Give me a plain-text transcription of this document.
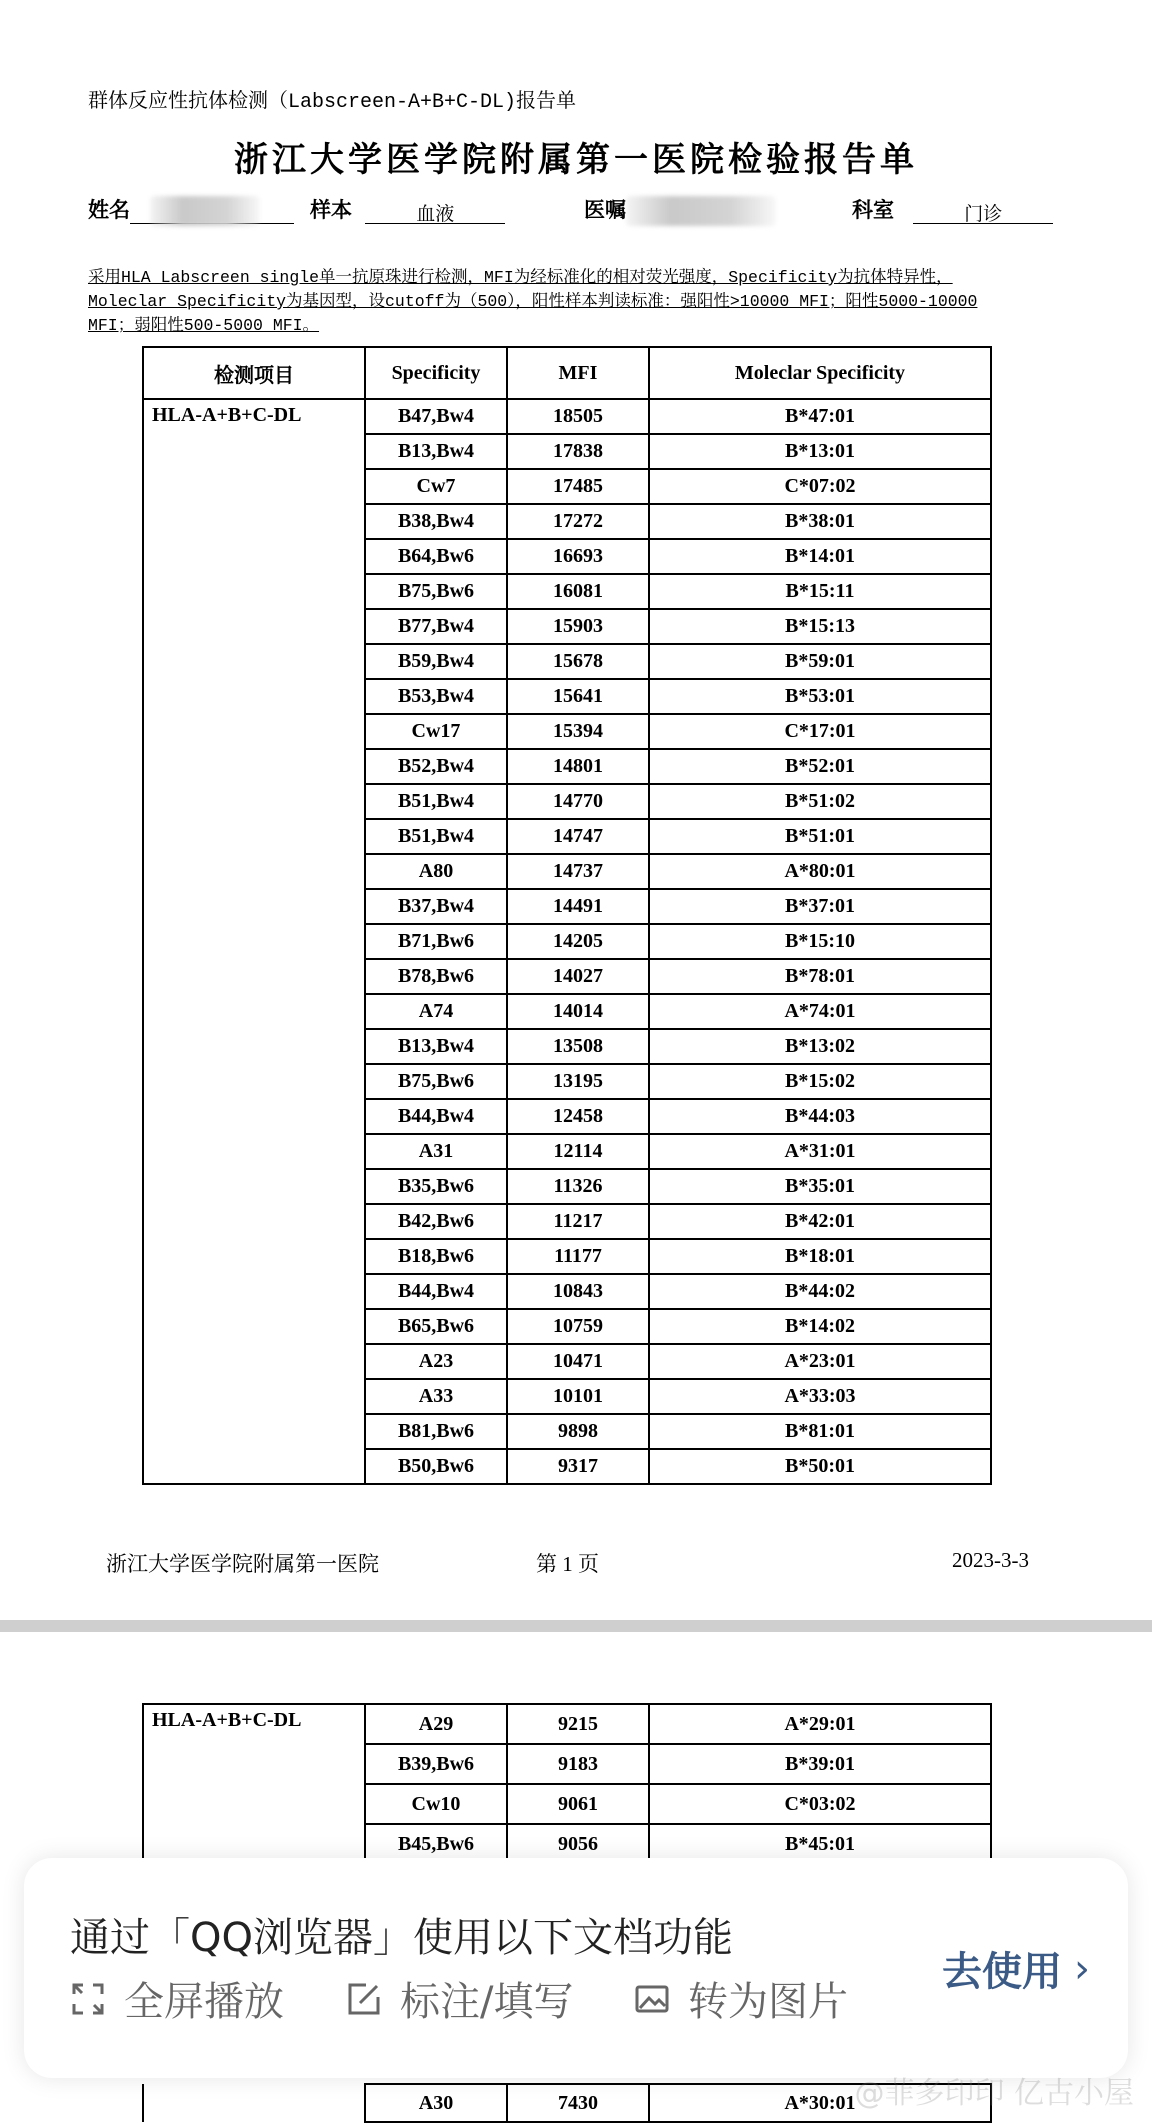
群体反应性抗体检测（Labscreen-A+B+C-DL)报告单
浙江大学医学院附属第一医院检验报告单
姓名	样本	血液	医嘱	科室	门诊
采用HLA Labscreen single单一抗原珠进行检测，MFI为经标准化的相对荧光强度，Specificity为抗体特异性，Moleclar Specificity为基因型，设cutoff为（500），阳性样本判读标准：强阳性>10000 MFI；阳性5000-10000 MFI；弱阳性500-5000 MFI。
检测项目	Specificity	MFI	Moleclar Specificity
HLA-A+B+C-DL	B47,Bw4	18505	B*47:01
	B13,Bw4	17838	B*13:01
	Cw7	17485	C*07:02
	B38,Bw4	17272	B*38:01
	B64,Bw6	16693	B*14:01
	B75,Bw6	16081	B*15:11
	B77,Bw4	15903	B*15:13
	B59,Bw4	15678	B*59:01
	B53,Bw4	15641	B*53:01
	Cw17	15394	C*17:01
	B52,Bw4	14801	B*52:01
	B51,Bw4	14770	B*51:02
	B51,Bw4	14747	B*51:01
	A80	14737	A*80:01
	B37,Bw4	14491	B*37:01
	B71,Bw6	14205	B*15:10
	B78,Bw6	14027	B*78:01
	A74	14014	A*74:01
	B13,Bw4	13508	B*13:02
	B75,Bw6	13195	B*15:02
	B44,Bw4	12458	B*44:03
	A31	12114	A*31:01
	B35,Bw6	11326	B*35:01
	B42,Bw6	11217	B*42:01
	B18,Bw6	11177	B*18:01
	B44,Bw4	10843	B*44:02
	B65,Bw6	10759	B*14:02
	A23	10471	A*23:01
	A33	10101	A*33:03
	B81,Bw6	9898	B*81:01
	B50,Bw6	9317	B*50:01
浙江大学医学院附属第一医院	第 1 页	2023-3-3
HLA-A+B+C-DL	A29	9215	A*29:01
	B39,Bw6	9183	B*39:01
	Cw10	9061	C*03:02
	B45,Bw6	9056	B*45:01

	A30	7430	A*30:01
通过「QQ浏览器」使用以下文档功能
全屏播放	标注/填写	转为图片
去使用 ›
@菲多印印 亿古小屋
